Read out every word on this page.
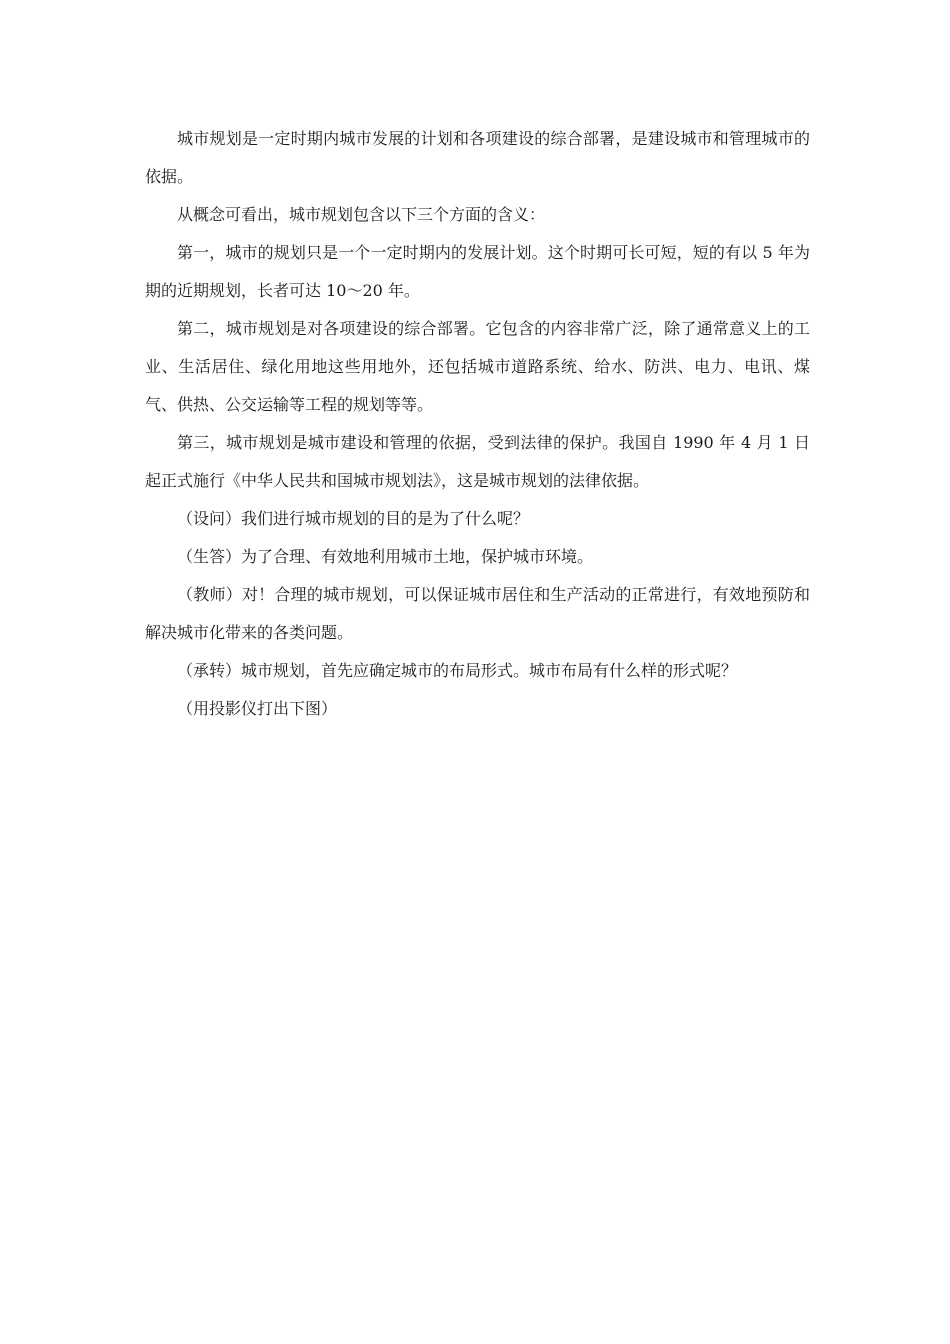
城市规划是一定时期内城市发展的计划和各项建设的综合部署，是建设城市和管理城市的依据。

从概念可看出，城市规划包含以下三个方面的含义：

第一，城市的规划只是一个一定时期内的发展计划。这个时期可长可短，短的有以 5 年为期的近期规划，长者可达 10～20 年。

第二，城市规划是对各项建设的综合部署。它包含的内容非常广泛，除了通常意义上的工业、生活居住、绿化用地这些用地外，还包括城市道路系统、给水、防洪、电力、电讯、煤气、供热、公交运输等工程的规划等等。

第三，城市规划是城市建设和管理的依据，受到法律的保护。我国自 1990 年 4 月 1 日起正式施行《中华人民共和国城市规划法》，这是城市规划的法律依据。

（设问）我们进行城市规划的目的是为了什么呢？

（生答）为了合理、有效地利用城市土地，保护城市环境。

（教师）对！合理的城市规划，可以保证城市居住和生产活动的正常进行，有效地预防和解决城市化带来的各类问题。

（承转）城市规划，首先应确定城市的布局形式。城市布局有什么样的形式呢？

（用投影仪打出下图）
